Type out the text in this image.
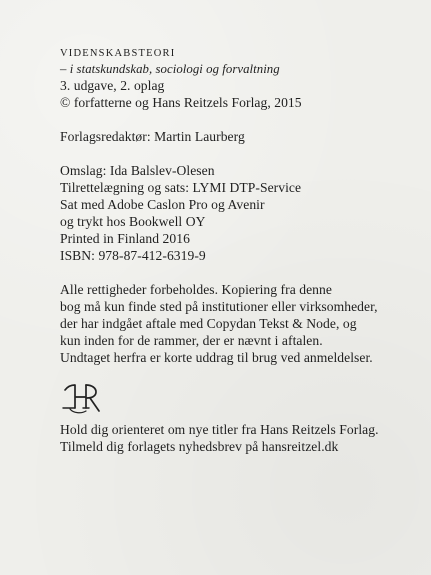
VIDENSKABSTEORI
– i statskundskab, sociologi og forvaltning
3. udgave, 2. oplag
© forfatterne og Hans Reitzels Forlag, 2015
Forlagsredaktør: Martin Laurberg
Omslag: Ida Balslev-Olesen
Tilrettelægning og sats: LYMI DTP-Service
Sat med Adobe Caslon Pro og Avenir
og trykt hos Bookwell OY
Printed in Finland 2016
ISBN: 978-87-412-6319-9
Alle rettigheder forbeholdes. Kopiering fra denne
bog må kun finde sted på institutioner eller virksomheder,
der har indgået aftale med Copydan Tekst & Node, og
kun inden for de rammer, der er nævnt i aftalen.
Undtaget herfra er korte uddrag til brug ved anmeldelser.
Hold dig orienteret om nye titler fra Hans Reitzels Forlag.
Tilmeld dig forlagets nyhedsbrev på hansreitzel.dk
